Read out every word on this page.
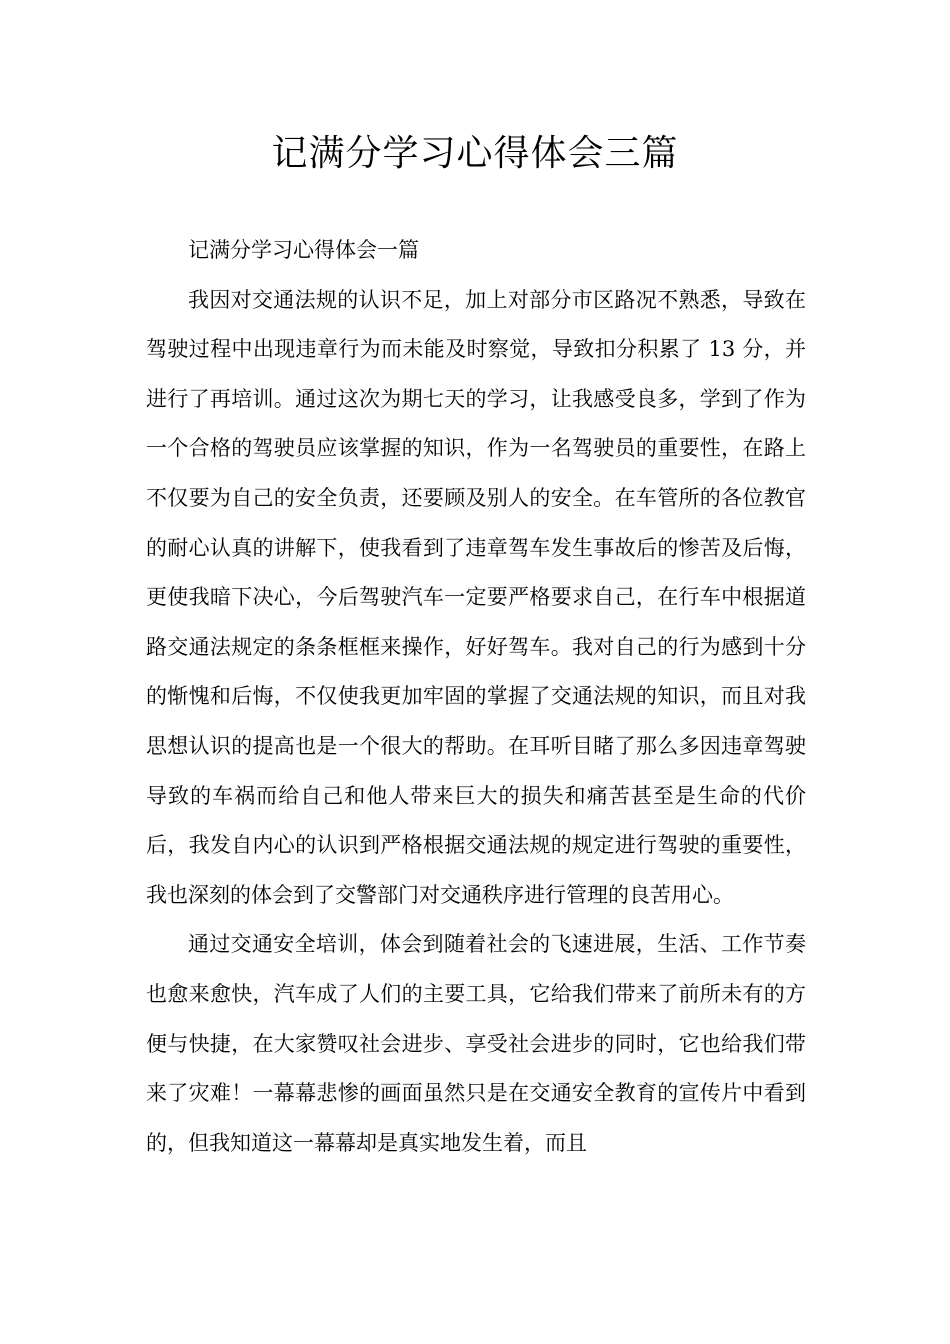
记满分学习心得体会三篇
记满分学习心得体会一篇

我因对交通法规的认识不足，加上对部分市区路况不熟悉，导致在驾驶过程中出现违章行为而未能及时察觉，导致扣分积累了 13 分，并进行了再培训。通过这次为期七天的学习，让我感受良多，学到了作为一个合格的驾驶员应该掌握的知识，作为一名驾驶员的重要性，在路上不仅要为自己的安全负责，还要顾及别人的安全。在车管所的各位教官的耐心认真的讲解下，使我看到了违章驾车发生事故后的惨苦及后悔，更使我暗下决心，今后驾驶汽车一定要严格要求自己，在行车中根据道路交通法规定的条条框框来操作，好好驾车。我对自己的行为感到十分的惭愧和后悔，不仅使我更加牢固的掌握了交通法规的知识，而且对我思想认识的提高也是一个很大的帮助。在耳听目睹了那么多因违章驾驶导致的车祸而给自己和他人带来巨大的损失和痛苦甚至是生命的代价后，我发自内心的认识到严格根据交通法规的规定进行驾驶的重要性，我也深刻的体会到了交警部门对交通秩序进行管理的良苦用心。

通过交通安全培训，体会到随着社会的飞速进展，生活、工作节奏也愈来愈快，汽车成了人们的主要工具，它给我们带来了前所未有的方便与快捷，在大家赞叹社会进步、享受社会进步的同时，它也给我们带来了灾难！一幕幕悲惨的画面虽然只是在交通安全教育的宣传片中看到的，但我知道这一幕幕却是真实地发生着，而且
